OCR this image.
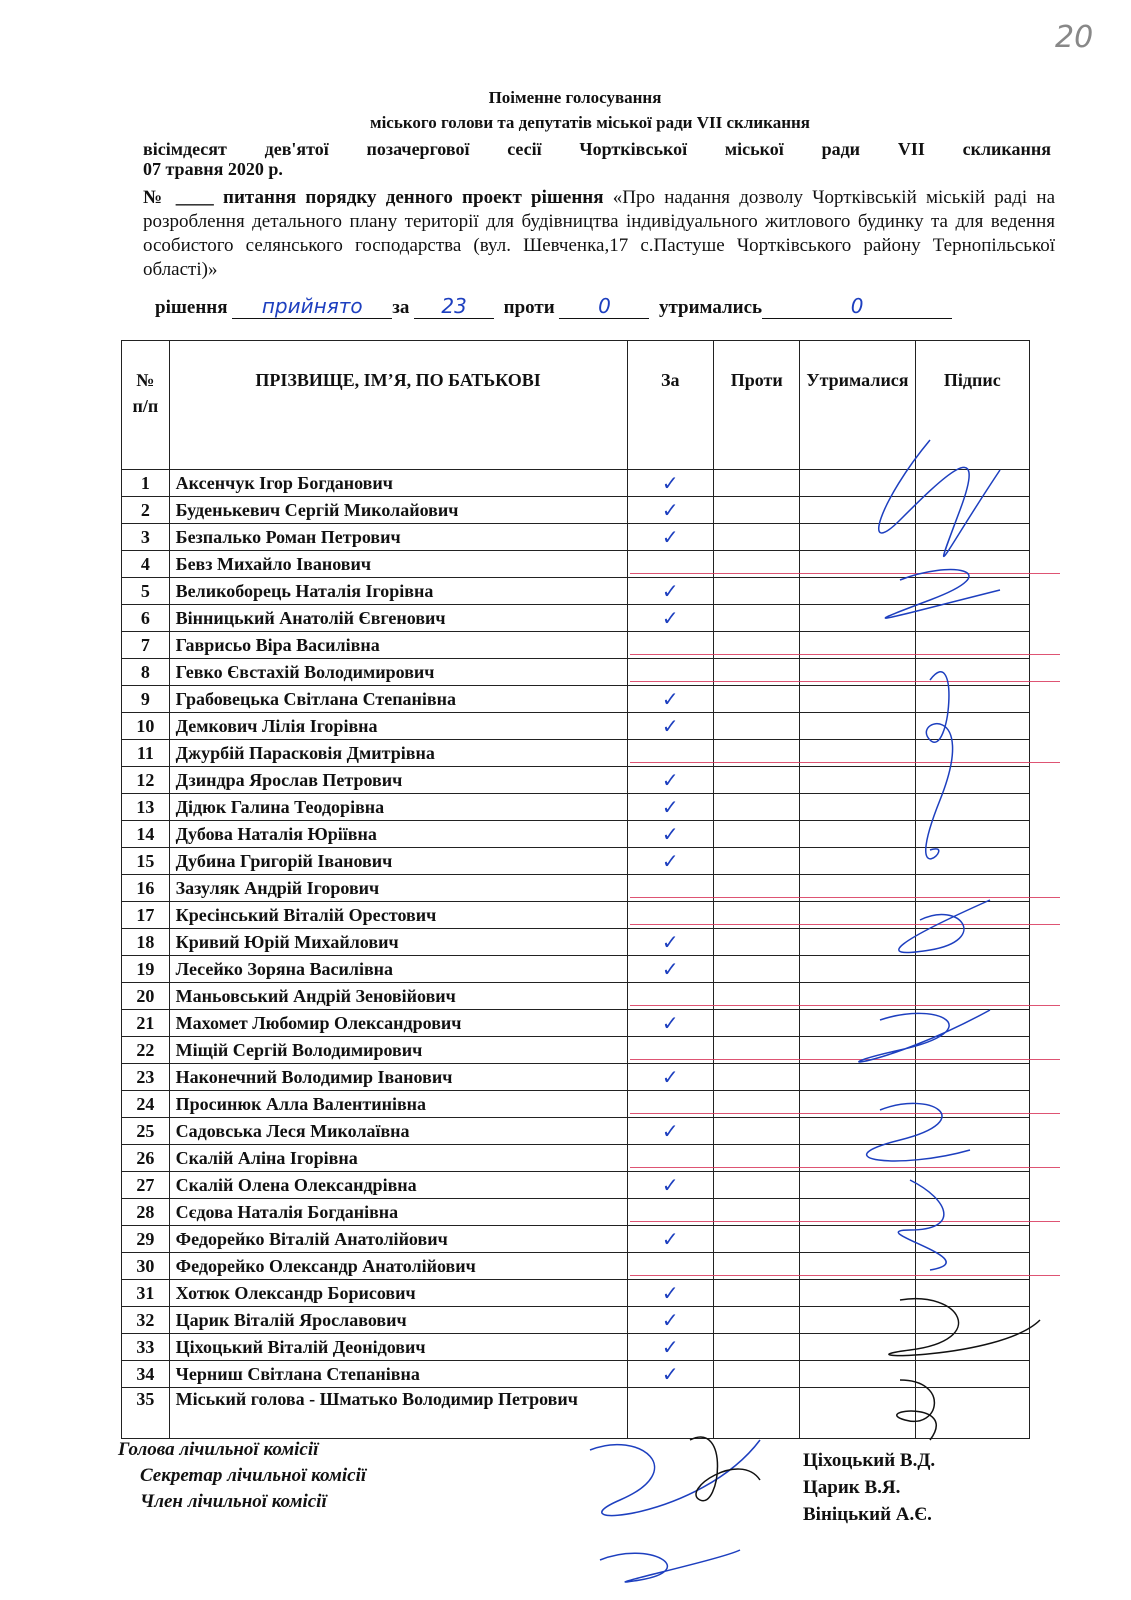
20
Поіменне голосування
міського голови та депутатів міської ради VІІ скликання
вісімдесят дев'ятої позачергової сесії Чортківської міської ради VІІ скликання
07 травня 2020 р.
№ ____ питання порядку денного проект рішення «Про надання дозволу Чортківській міській раді на розроблення детального плану території для будівництва індивідуального житлового будинку та для ведення особистого селянського господарства (вул. Шевченка,17 с.Пастуше Чортківського району Тернопільської області)»
рішення прийнято за 23 проти 0	утримались	0
№ п/п	ПРІЗВИЩЕ, ІМ’Я, ПО БАТЬКОВІ	За	Проти	Утрималися	Підпис
1	Аксенчук Ігор Богданович	✓			
2	Буденькевич Сергій Миколайович	✓			
3	Безпалько Роман Петрович	✓			
4	Бевз Михайло Іванович				
5	Великоборець Наталія Ігорівна	✓			
6	Вінницький Анатолій Євгенович	✓			
7	Гаврисьо Віра Василівна				
8	Гевко Євстахій Володимирович				
9	Грабовецька Світлана Степанівна	✓			
10	Демкович Лілія Ігорівна	✓			
11	Джурбій Парасковія Дмитрівна				
12	Дзиндра Ярослав Петрович	✓			
13	Дідюк Галина Теодорівна	✓			
14	Дубова Наталія Юріївна	✓			
15	Дубина Григорій Іванович	✓			
16	Зазуляк Андрій Ігорович				
17	Кресінський Віталій Орестович				
18	Кривий Юрій Михайлович	✓			
19	Лесейко Зоряна Василівна	✓			
20	Маньовський Андрій Зеновійович				
21	Махомет Любомир Олександрович	✓			
22	Міщій Сергій Володимирович				
23	Наконечний Володимир Іванович	✓			
24	Просинюк Алла Валентинівна				
25	Садовська Леся Миколаївна	✓			
26	Скалій Аліна Ігорівна				
27	Скалій Олена Олександрівна	✓			
28	Сєдова Наталія Богданівна				
29	Федорейко Віталій Анатолійович	✓			
30	Федорейко Олександр Анатолійович				
31	Хотюк Олександр Борисович	✓			
32	Царик Віталій Ярославович	✓			
33	Ціхоцький Віталій Деонідович	✓			
34	Черниш Світлана Степанівна	✓			
35	Міський голова - Шматько Володимир Петрович				
Голова лічильної комісії
Секретар лічильної комісії
Член лічильної комісії
Ціхоцький В.Д.
Царик В.Я.
Вініцький А.Є.
